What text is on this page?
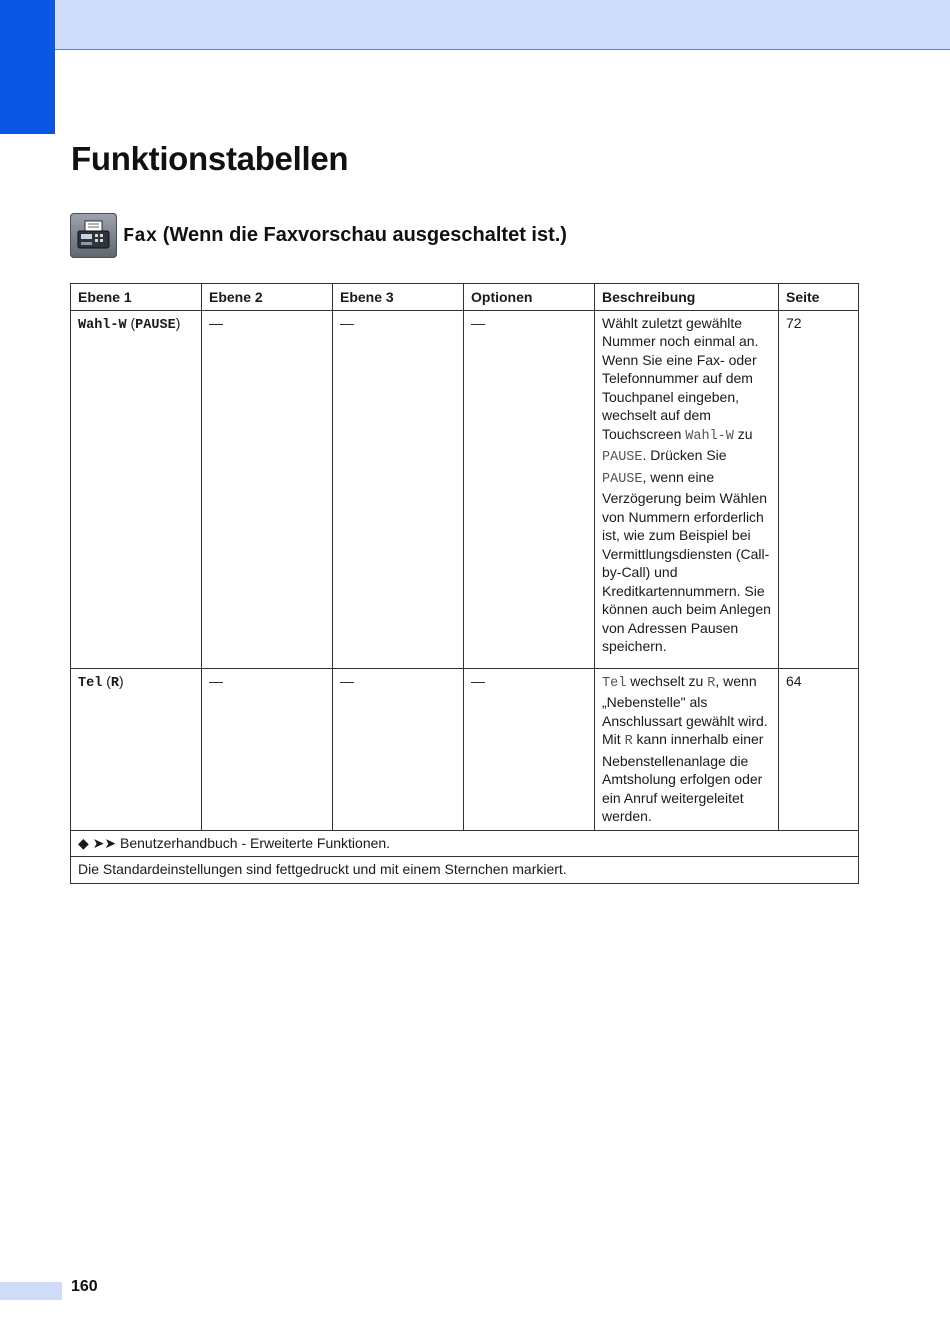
Funktionstabellen
Fax (Wenn die Faxvorschau ausgeschaltet ist.)
Ebene 1	Ebene 2	Ebene 3	Optionen	Beschreibung	Seite
Wahl-W (PAUSE)	—	—	—	Wählt zuletzt gewählte Nummer noch einmal an. Wenn Sie eine Fax- oder Telefonnummer auf dem Touchpanel eingeben, wechselt auf dem Touchscreen Wahl-W zu PAUSE. Drücken Sie PAUSE, wenn eine Verzögerung beim Wählen von Nummern erforderlich ist, wie zum Beispiel bei Vermittlungsdiensten (Call-by-Call) und Kreditkartennummern. Sie können auch beim Anlegen von Adressen Pausen speichern.	72
Tel (R)	—	—	—	Tel wechselt zu R, wenn „Nebenstelle" als Anschlussart gewählt wird. Mit R kann innerhalb einer Nebenstellenanlage die Amtsholung erfolgen oder ein Anruf weitergeleitet werden.	64
◆ ➤➤ Benutzerhandbuch - Erweiterte Funktionen.					
Die Standardeinstellungen sind fettgedruckt und mit einem Sternchen markiert.					
160
